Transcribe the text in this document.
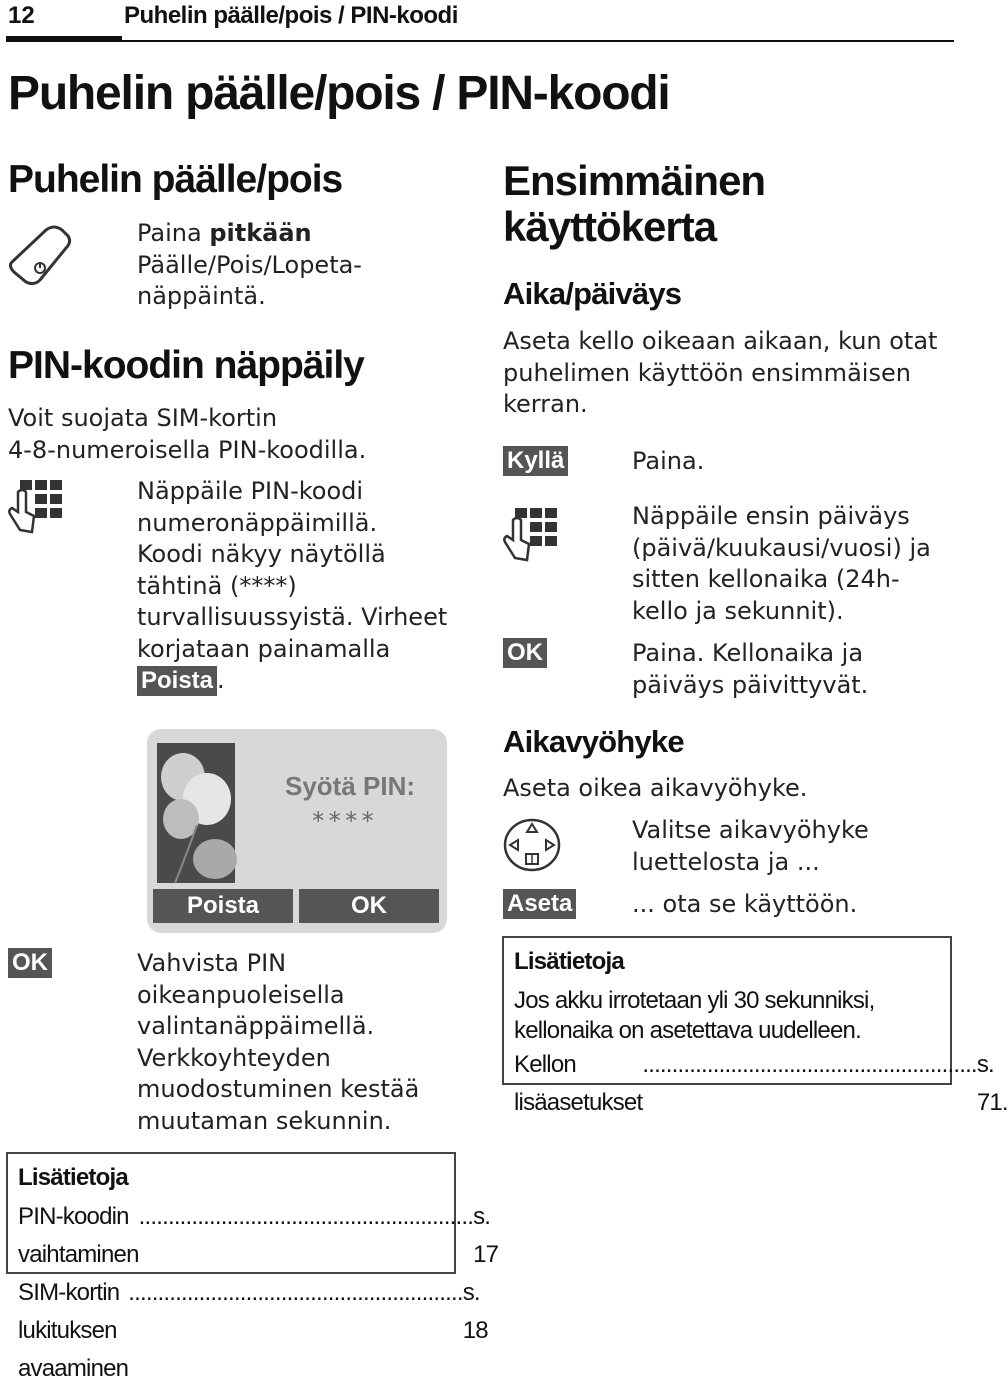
12	Puhelin päälle/pois / PIN-koodi
Puhelin päälle/pois / PIN-koodi
Puhelin päälle/pois
Paina pitkään
Päälle/Pois/Lopeta-
näppäintä.
PIN-koodin näppäily
Voit suojata SIM-kortin
4-8-numeroisella PIN-koodilla.
Näppäile PIN-koodi
numeronäppäimillä.
Koodi näkyy näytöllä
tähtinä (****)
turvallisuussyistä. Virheet
korjataan painamalla
Poista .
Syötä PIN:
****
Poista	OK
OK	Vahvista PIN
oikeanpuoleisella
valintanäppäimellä.
Verkkoyhteyden
muodostuminen kestää
muutaman sekunnin.
Lisätietoja
PIN-koodin vaihtaminen
......................................................... s. 17
SIM-kortin lukituksen avaaminen
......................................................... s. 18
Ensimmäinen
käyttökerta
Aika/päiväys
Aseta kello oikeaan aikaan, kun otat
puhelimen käyttöön ensimmäisen
kerran.
Kyllä	Paina.
Näppäile ensin päiväys
(päivä/kuukausi/vuosi) ja
sitten kellonaika (24h-
kello ja sekunnit).
OK	Paina. Kellonaika ja
päiväys päivittyvät.
Aikavyöhyke
Aseta oikea aikavyöhyke.
Valitse aikavyöhyke
luettelosta ja ...
Aseta ... ota se käyttöön.
Lisätietoja
Jos akku irrotetaan yli 30 sekunniksi,
kellonaika on asetettava uudelleen.
Kellon lisäasetukset
......................................................... s. 71.
